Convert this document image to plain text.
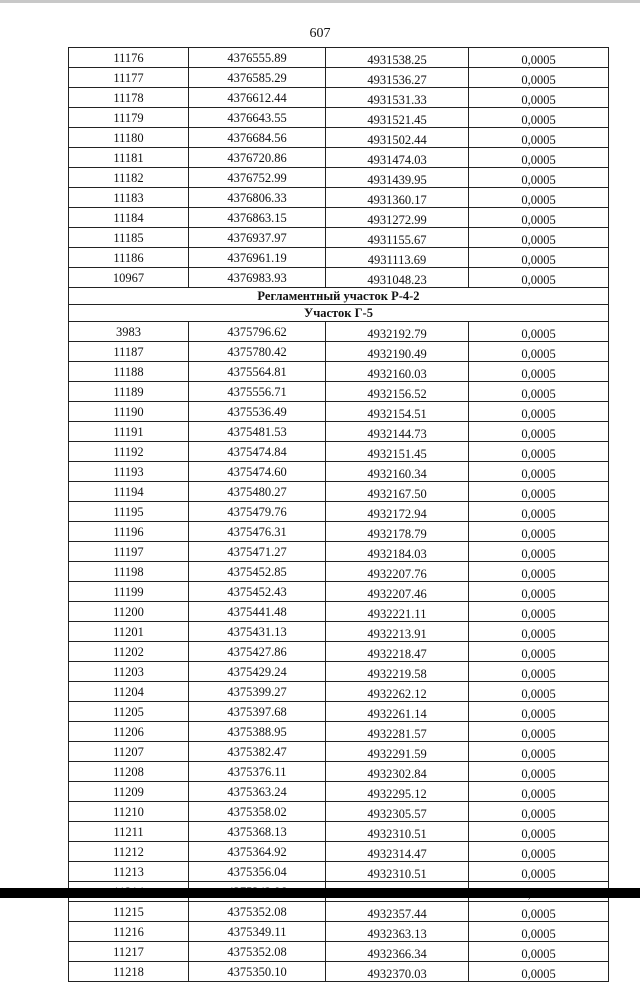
607
11176	4376555.89	4931538.25	0,0005
11177	4376585.29	4931536.27	0,0005
11178	4376612.44	4931531.33	0,0005
11179	4376643.55	4931521.45	0,0005
11180	4376684.56	4931502.44	0,0005
11181	4376720.86	4931474.03	0,0005
11182	4376752.99	4931439.95	0,0005
11183	4376806.33	4931360.17	0,0005
11184	4376863.15	4931272.99	0,0005
11185	4376937.97	4931155.67	0,0005
11186	4376961.19	4931113.69	0,0005
10967	4376983.93	4931048.23	0,0005
Регламентный участок Р-4-2			
Участок Г-5			
3983	4375796.62	4932192.79	0,0005
11187	4375780.42	4932190.49	0,0005
11188	4375564.81	4932160.03	0,0005
11189	4375556.71	4932156.52	0,0005
11190	4375536.49	4932154.51	0,0005
11191	4375481.53	4932144.73	0,0005
11192	4375474.84	4932151.45	0,0005
11193	4375474.60	4932160.34	0,0005
11194	4375480.27	4932167.50	0,0005
11195	4375479.76	4932172.94	0,0005
11196	4375476.31	4932178.79	0,0005
11197	4375471.27	4932184.03	0,0005
11198	4375452.85	4932207.76	0,0005
11199	4375452.43	4932207.46	0,0005
11200	4375441.48	4932221.11	0,0005
11201	4375431.13	4932213.91	0,0005
11202	4375427.86	4932218.47	0,0005
11203	4375429.24	4932219.58	0,0005
11204	4375399.27	4932262.12	0,0005
11205	4375397.68	4932261.14	0,0005
11206	4375388.95	4932281.57	0,0005
11207	4375382.47	4932291.59	0,0005
11208	4375376.11	4932302.84	0,0005
11209	4375363.24	4932295.12	0,0005
11210	4375358.02	4932305.57	0,0005
11211	4375368.13	4932310.51	0,0005
11212	4375364.92	4932314.47	0,0005
11213	4375356.04	4932310.51	0,0005

11215	4375352.08	4932357.44	0,0005
11216	4375349.11	4932363.13	0,0005
11217	4375352.08	4932366.34	0,0005
11218	4375350.10	4932370.03	0,0005
